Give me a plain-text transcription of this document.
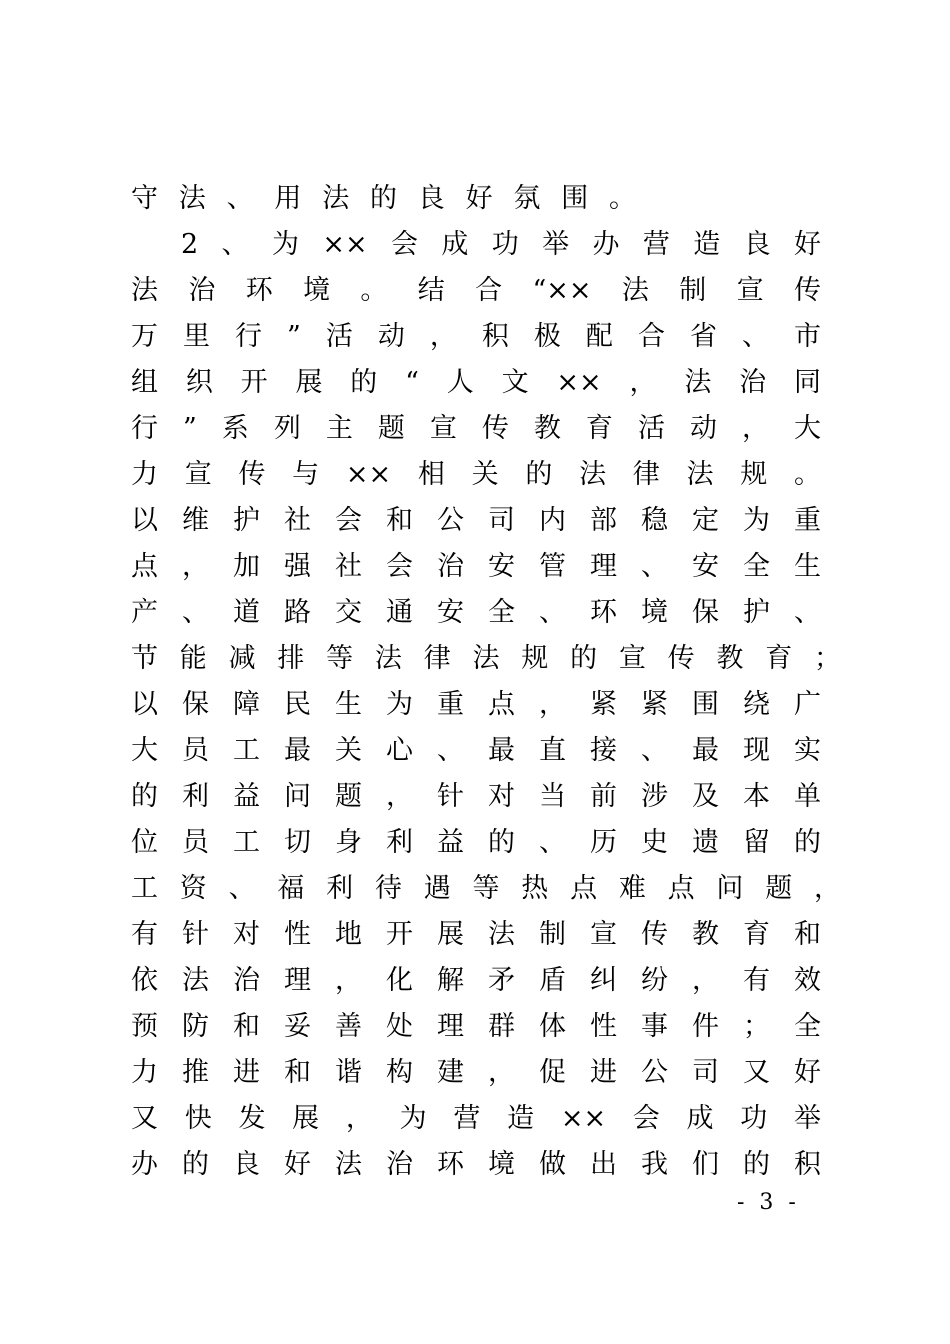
守法、用法的良好氛围。
2、为××会成功举办营造良好
法治环境。结合“××法制宣传
万里行”活动，积极配合省、市
组织开展的“人文××，法治同
行”系列主题宣传教育活动，大
力宣传与××相关的法律法规。
以维护社会和公司内部稳定为重
点，加强社会治安管理、安全生
产、道路交通安全、环境保护、
节能减排等法律法规的宣传教育；
以保障民生为重点，紧紧围绕广
大员工最关心、最直接、最现实
的利益问题，针对当前涉及本单
位员工切身利益的、历史遗留的
工资、福利待遇等热点难点问题，
有针对性地开展法制宣传教育和
依法治理，化解矛盾纠纷，有效
预防和妥善处理群体性事件；全
力推进和谐构建，促进公司又好
又快发展，为营造××会成功举
办的良好法治环境做出我们的积
- 3 -
